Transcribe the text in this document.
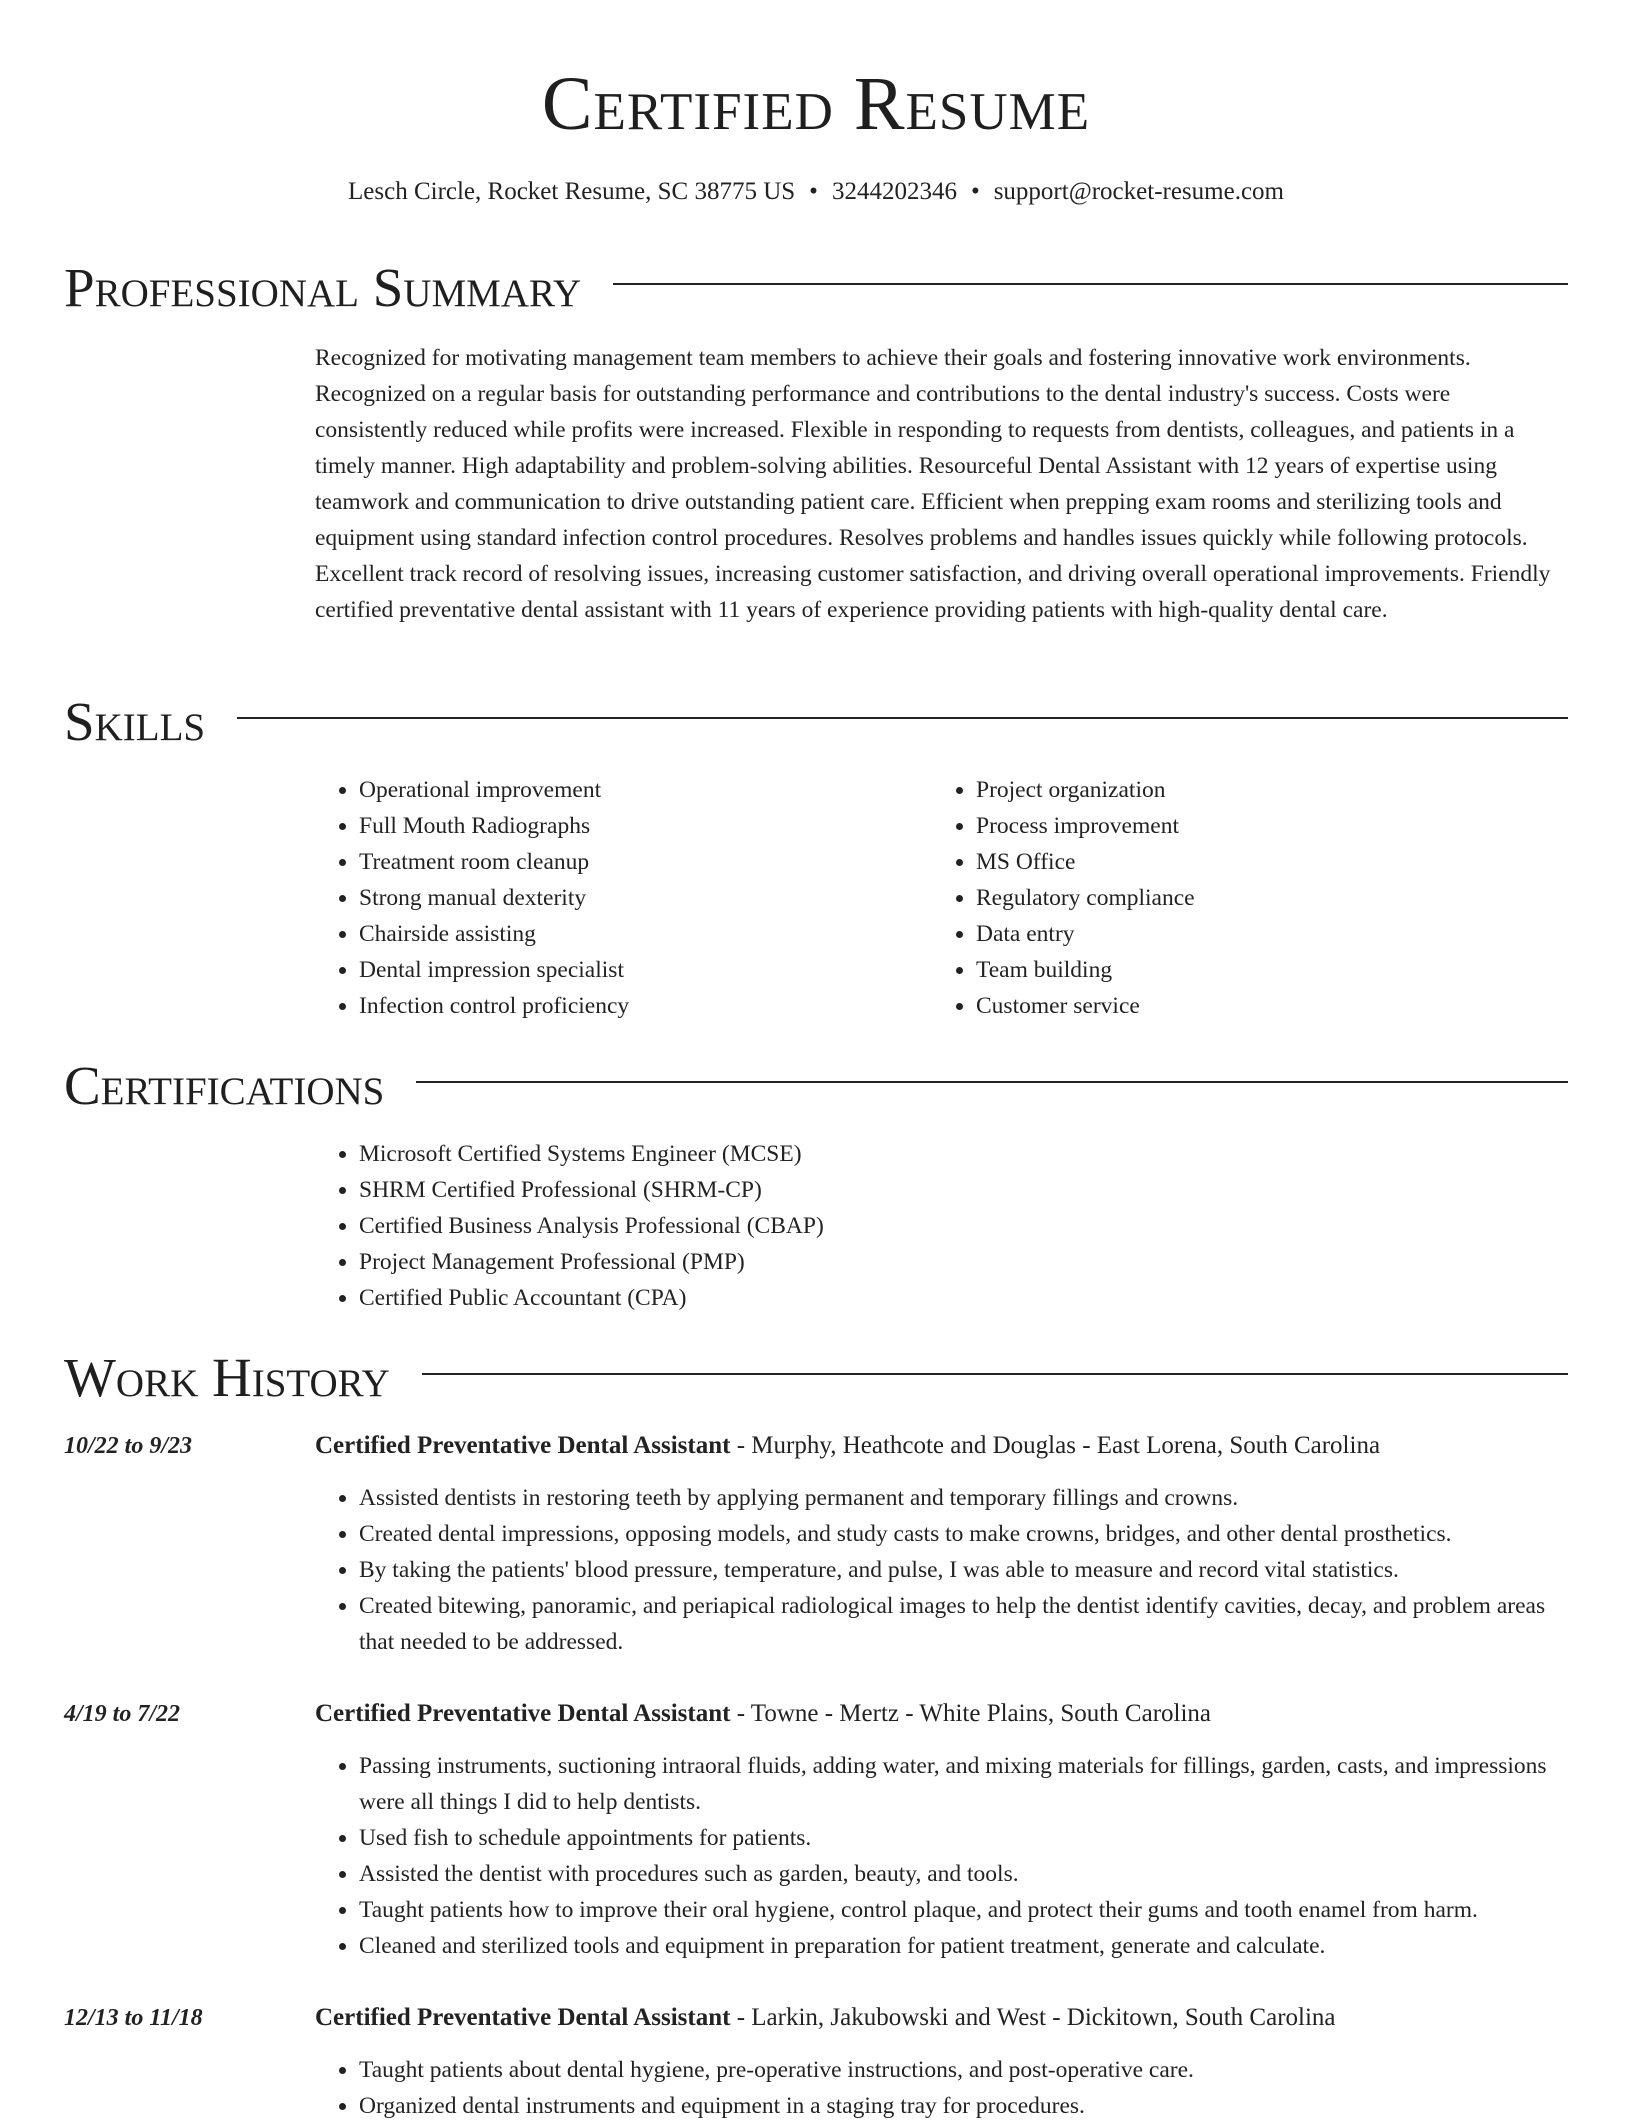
Certified Resume
Lesch Circle, Rocket Resume, SC 38775 US • 3244202346 • support@rocket-resume.com
Professional Summary

Recognized for motivating management team members to achieve their goals and fostering innovative work environments. Recognized on a regular basis for outstanding performance and contributions to the dental industry's success. Costs were consistently reduced while profits were increased. Flexible in responding to requests from dentists, colleagues, and patients in a timely manner. High adaptability and problem-solving abilities. Resourceful Dental Assistant with 12 years of expertise using teamwork and communication to drive outstanding patient care. Efficient when prepping exam rooms and sterilizing tools and equipment using standard infection control procedures. Resolves problems and handles issues quickly while following protocols. Excellent track record of resolving issues, increasing customer satisfaction, and driving overall operational improvements. Friendly certified preventative dental assistant with 11 years of experience providing patients with high-quality dental care.

Skills
• Operational improvement
• Full Mouth Radiographs
• Treatment room cleanup
• Strong manual dexterity
• Chairside assisting
• Dental impression specialist
• Infection control proficiency
• Project organization
• Process improvement
• MS Office
• Regulatory compliance
• Data entry
• Team building
• Customer service
Certifications
• Microsoft Certified Systems Engineer (MCSE)
• SHRM Certified Professional (SHRM-CP)
• Certified Business Analysis Professional (CBAP)
• Project Management Professional (PMP)
• Certified Public Accountant (CPA)
Work History
10/22 to 9/23	Certified Preventative Dental Assistant - Murphy, Heathcote and Douglas - East Lorena, South Carolina
• Assisted dentists in restoring teeth by applying permanent and temporary fillings and crowns.
• Created dental impressions, opposing models, and study casts to make crowns, bridges, and other dental prosthetics.
• By taking the patients' blood pressure, temperature, and pulse, I was able to measure and record vital statistics.
• Created bitewing, panoramic, and periapical radiological images to help the dentist identify cavities, decay, and problem areas that needed to be addressed.
4/19 to 7/22	Certified Preventative Dental Assistant - Towne - Mertz - White Plains, South Carolina
• Passing instruments, suctioning intraoral fluids, adding water, and mixing materials for fillings, garden, casts, and impressions were all things I did to help dentists.
• Used fish to schedule appointments for patients.
• Assisted the dentist with procedures such as garden, beauty, and tools.
• Taught patients how to improve their oral hygiene, control plaque, and protect their gums and tooth enamel from harm.
• Cleaned and sterilized tools and equipment in preparation for patient treatment, generate and calculate.
12/13 to 11/18	Certified Preventative Dental Assistant - Larkin, Jakubowski and West - Dickitown, South Carolina
• Taught patients about dental hygiene, pre-operative instructions, and post-operative care.
• Organized dental instruments and equipment in a staging tray for procedures.
